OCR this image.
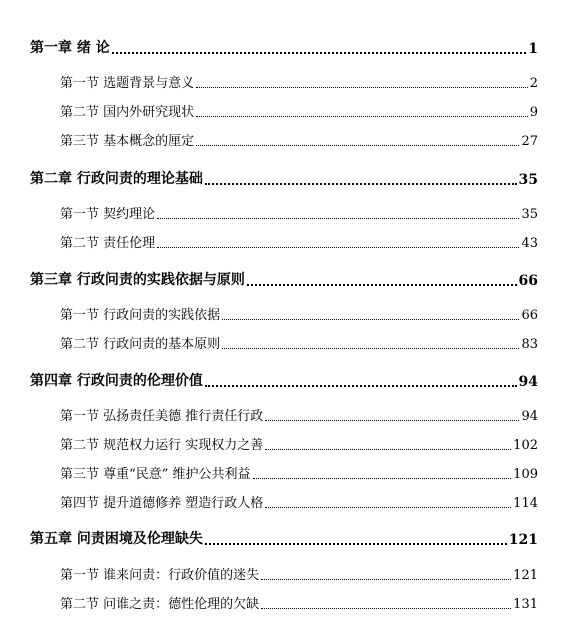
第一章 绪 论	1
第一节 选题背景与意义	2
第二节 国内外研究现状	9
第三节 基本概念的厘定	27
第二章 行政问责的理论基础	35
第一节 契约理论	35
第二节 责任伦理	43
第三章 行政问责的实践依据与原则	66
第一节 行政问责的实践依据	66
第二节 行政问责的基本原则	83
第四章 行政问责的伦理价值	94
第一节 弘扬责任美德 推行责任行政	94
第二节 规范权力运行 实现权力之善	102
第三节 尊重“民意” 维护公共利益	109
第四节 提升道德修养 塑造行政人格	114
第五章 问责困境及伦理缺失	121
第一节 谁来问责：行政价值的迷失	121
第二节 问谁之责：德性伦理的欠缺	131
